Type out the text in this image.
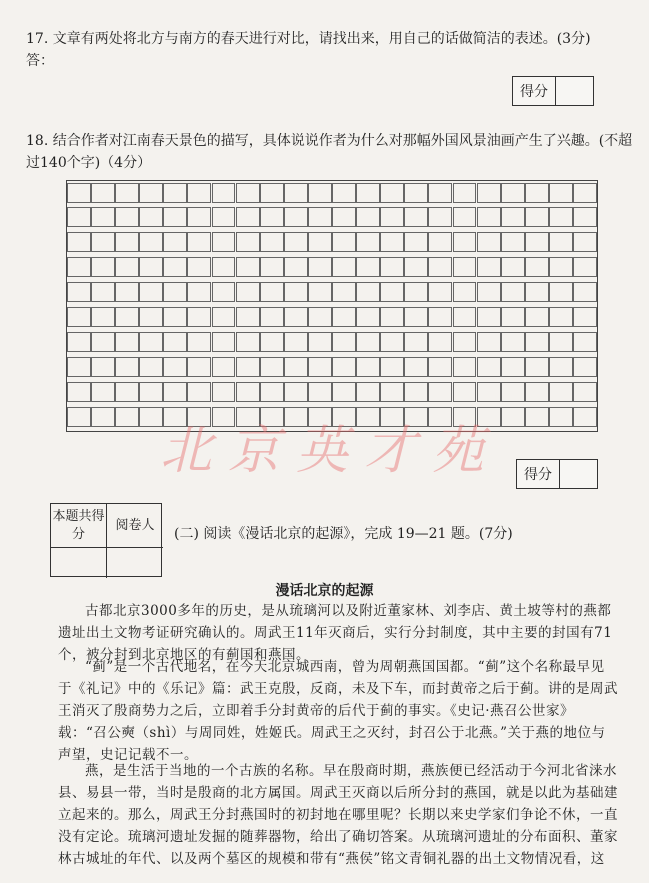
17. 文章有两处将北方与南方的春天进行对比，请找出来，用自己的话做简洁的表述。(3分)
答：
得分
18. 结合作者对江南春天景色的描写，具体说说作者为什么对那幅外国风景油画产生了兴趣。(不超过140个字)（4分）
北京英才苑	得分
本题共得分
阅卷人
(二) 阅读《漫话北京的起源》，完成 19—21 题。(7分)
漫话北京的起源
古都北京3000多年的历史，是从琉璃河以及附近董家林、刘李店、黄土坡等村的燕都遗址出土文物考证研究确认的。周武王11年灭商后，实行分封制度，其中主要的封国有71个，被分封到北京地区的有蓟国和燕国。
“蓟”是一个古代地名，在今天北京城西南，曾为周朝燕国国都。“蓟”这个名称最早见于《礼记》中的《乐记》篇：武王克殷，反商，未及下车，而封黄帝之后于蓟。讲的是周武王消灭了殷商势力之后，立即着手分封黄帝的后代于蓟的事实。《史记·燕召公世家》载：“召公奭（shì）与周同姓，姓姬氏。周武王之灭纣，封召公于北燕。”关于燕的地位与声望，史记记载不一。
燕，是生活于当地的一个古族的名称。早在殷商时期，燕族便已经活动于今河北省涞水县、易县一带，当时是殷商的北方属国。周武王灭商以后所分封的燕国，就是以此为基础建立起来的。那么，周武王分封燕国时的初封地在哪里呢？长期以来史学家们争论不休，一直没有定论。琉璃河遗址发掘的随葬器物，给出了确切答案。从琉璃河遗址的分布面积、董家林古城址的年代、以及两个墓区的规模和带有“燕侯”铭文青铜礼器的出土文物情况看，这
